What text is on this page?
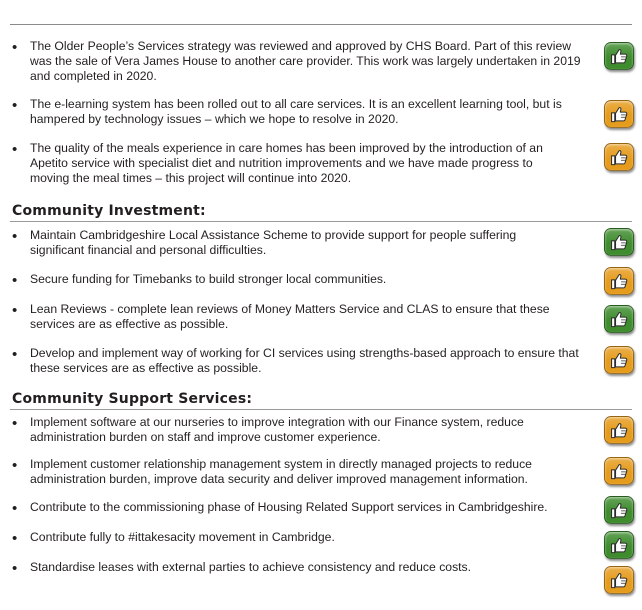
• The Older People’s Services strategy was reviewed and approved by CHS Board. Part of this review was the sale of Vera James House to another care provider. This work was largely undertaken in 2019 and completed in 2020.
• The e-learning system has been rolled out to all care services. It is an excellent learning tool, but is hampered by technology issues – which we hope to resolve in 2020.
• The quality of the meals experience in care homes has been improved by the introduction of an Apetito service with specialist diet and nutrition improvements and we have made progress to moving the meal times – this project will continue into 2020.
Community Investment:
• Maintain Cambridgeshire Local Assistance Scheme to provide support for people suffering significant financial and personal difficulties.
• Secure funding for Timebanks to build stronger local communities.
• Lean Reviews - complete lean reviews of Money Matters Service and CLAS to ensure that these services are as effective as possible.
• Develop and implement way of working for CI services using strengths-based approach to ensure that these services are as effective as possible.
Community Support Services:
• Implement software at our nurseries to improve integration with our Finance system, reduce administration burden on staff and improve customer experience.
• Implement customer relationship management system in directly managed projects to reduce administration burden, improve data security and deliver improved management information.
• Contribute to the commissioning phase of Housing Related Support services in Cambridgeshire.
• Contribute fully to #ittakesacity movement in Cambridge.
• Standardise leases with external parties to achieve consistency and reduce costs.
